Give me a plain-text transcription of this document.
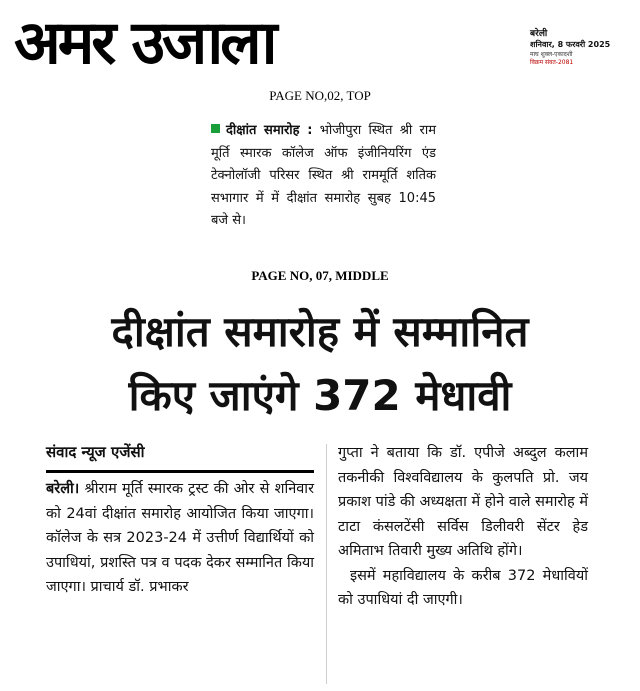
अमर उजाला	बरेली
शनिवार, 8 फरवरी 2025
माघ शुक्ल-एकादशी
विक्रम संवत-2081
PAGE NO,02, TOP
दीक्षांत समारोह : भोजीपुरा स्थित श्री राम मूर्ति स्मारक कॉलेज ऑफ इंजीनियरिंग एंड टेक्नोलॉजी परिसर स्थित श्री राममूर्ति शतिक सभागार में में दीक्षांत समारोह सुबह 10:45 बजे से।
PAGE NO, 07, MIDDLE
दीक्षांत समारोह में सम्मानित
किए जाएंगे 372 मेधावी
संवाद न्यूज एजेंसी

बरेली। श्रीराम मूर्ति स्मारक ट्रस्ट की ओर से शनिवार को 24वां दीक्षांत समारोह आयोजित किया जाएगा। कॉलेज के सत्र 2023-24 में उत्तीर्ण विद्यार्थियों को उपाधियां, प्रशस्ति पत्र व पदक देकर सम्मानित किया जाएगा। प्राचार्य डॉ. प्रभाकर

गुप्ता ने बताया कि डॉ. एपीजे अब्दुल कलाम तकनीकी विश्वविद्यालय के कुलपति प्रो. जय प्रकाश पांडे की अध्यक्षता में होने वाले समारोह में टाटा कंसलटेंसी सर्विस डिलीवरी सेंटर हेड अमिताभ तिवारी मुख्य अतिथि होंगे।

इसमें महाविद्यालय के करीब 372 मेधावियों को उपाधियां दी जाएगी।
